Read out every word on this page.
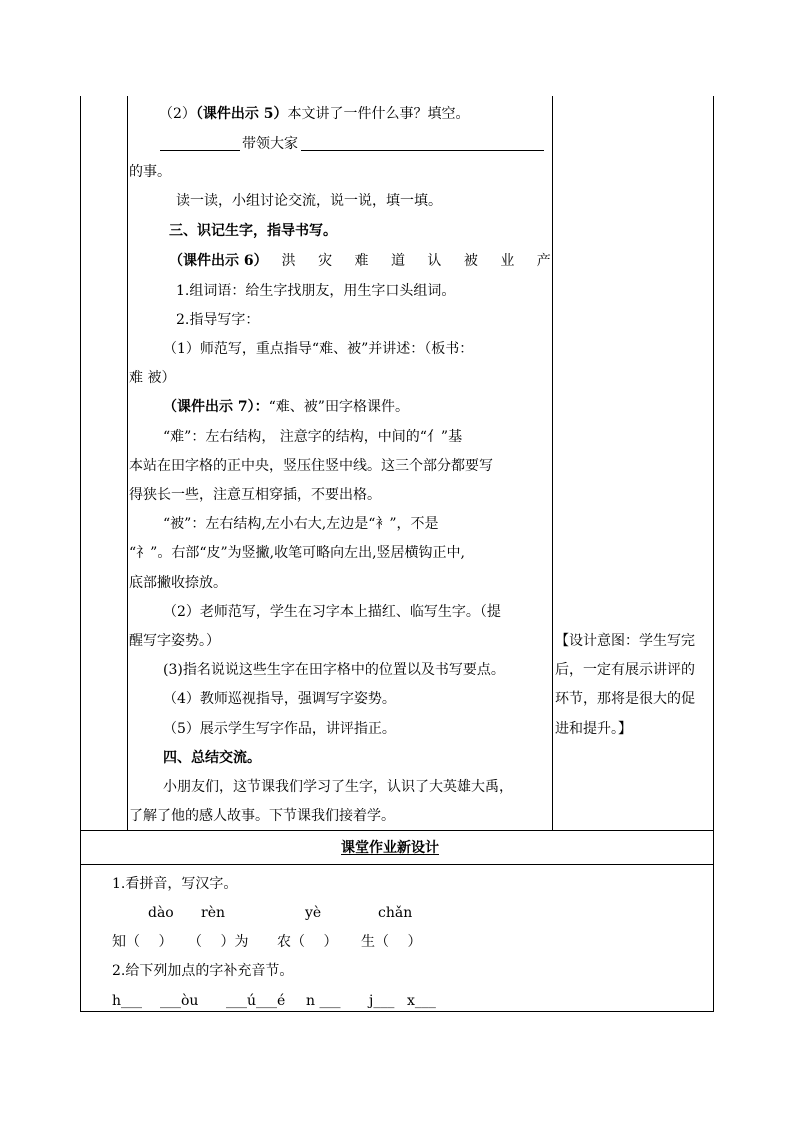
（2）（课件出示 5）本文讲了一件什么事？填空。
带领大家
的事。
读一读，小组讨论交流，说一说，填一填。
三、识记生字，指导书写。
（课件出示 6） 洪 灾 难 道 认 被 业 产
1.组词语：给生字找朋友，用生字口头组词。
2.指导写字：
（1）师范写，重点指导“难、被”并讲述：（板书：
难 被）
（课件出示 7）：“难、被”田字格课件。
“难”：左右结构， 注意字的结构，中间的“亻”基
本站在田字格的正中央，竖压住竖中线。这三个部分都要写
得狭长一些，注意互相穿插，不要出格。
“被”：左右结构,左小右大,左边是“衤”，不是
“礻”。右部“皮”为竖撇,收笔可略向左出,竖居横钩正中,
底部撇收捺放。
（2）老师范写，学生在习字本上描红、临写生字。（提
醒写字姿势。）
(3)指名说说这些生字在田字格中的位置以及书写要点。
（4）教师巡视指导，强调写字姿势。
（5）展示学生写字作品，讲评指正。
四、总结交流。
小朋友们，这节课我们学习了生字，认识了大英雄大禹，
了解了他的感人故事。下节课我们接着学。
【设计意图：学生写完
后，一定有展示讲评的
环节，那将是很大的促
进和提升。】
课堂作业新设计
1.看拼音，写汉字。
dào rèn	yè	chǎn
知（　 ） （　 ）为 农（　 ） 生（　 ）
2.给下列加点的字补充音节。
h___ ___òu ___ú___é n ___ j___ x___
